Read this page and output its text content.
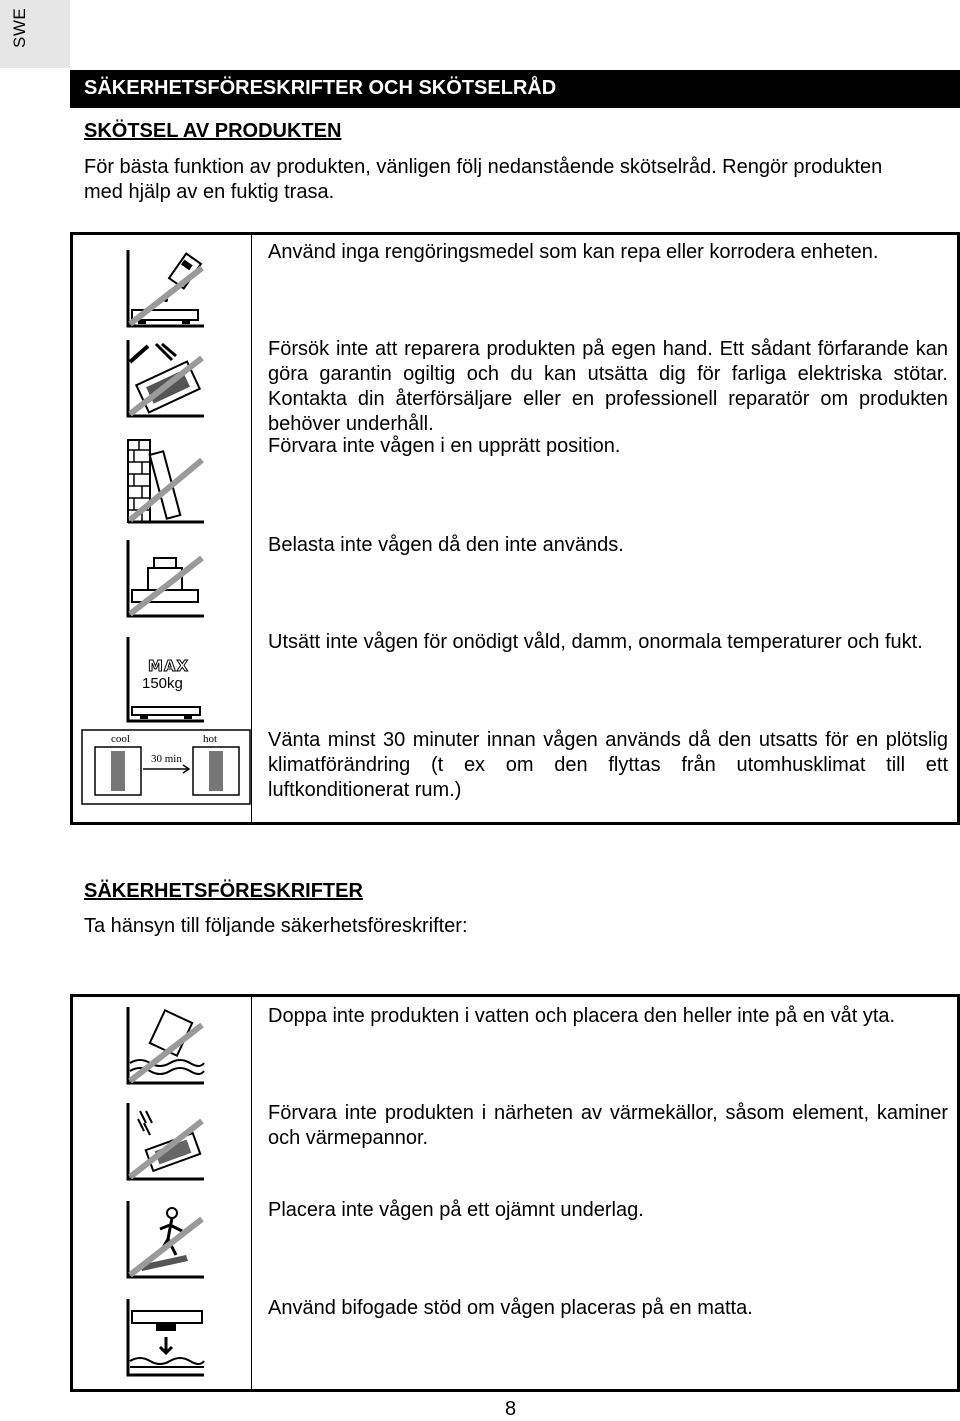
SWE
SÄKERHETSFÖRESKRIFTER OCH SKÖTSELRÅD
SKÖTSEL AV PRODUKTEN
För bästa funktion av produkten, vänligen följ nedanstående skötselråd. Rengör produkten
med hjälp av en fuktig trasa.
MAX
150kg
cool	hot
30 min
Använd inga rengöringsmedel som kan repa eller korrodera enheten.
Försök inte att reparera produkten på egen hand. Ett sådant förfarande kan göra garantin ogiltig och du kan utsätta dig för farliga elektriska stötar. Kontakta din återförsäljare eller en professionell reparatör om produkten behöver underhåll.
Förvara inte vågen i en upprätt position.
Belasta inte vågen då den inte används.
Utsätt inte vågen för onödigt våld, damm, onormala temperaturer och fukt.
Vänta minst 30 minuter innan vågen används då den utsatts för en plötslig klimatförändring (t ex om den flyttas från utomhusklimat till ett luftkonditionerat rum.)
SÄKERHETSFÖRESKRIFTER
Ta hänsyn till följande säkerhetsföreskrifter:
Doppa inte produkten i vatten och placera den heller inte på en våt yta.
Förvara inte produkten i närheten av värmekällor, såsom element, kaminer och värmepannor.
Placera inte vågen på ett ojämnt underlag.
Använd bifogade stöd om vågen placeras på en matta.
8
